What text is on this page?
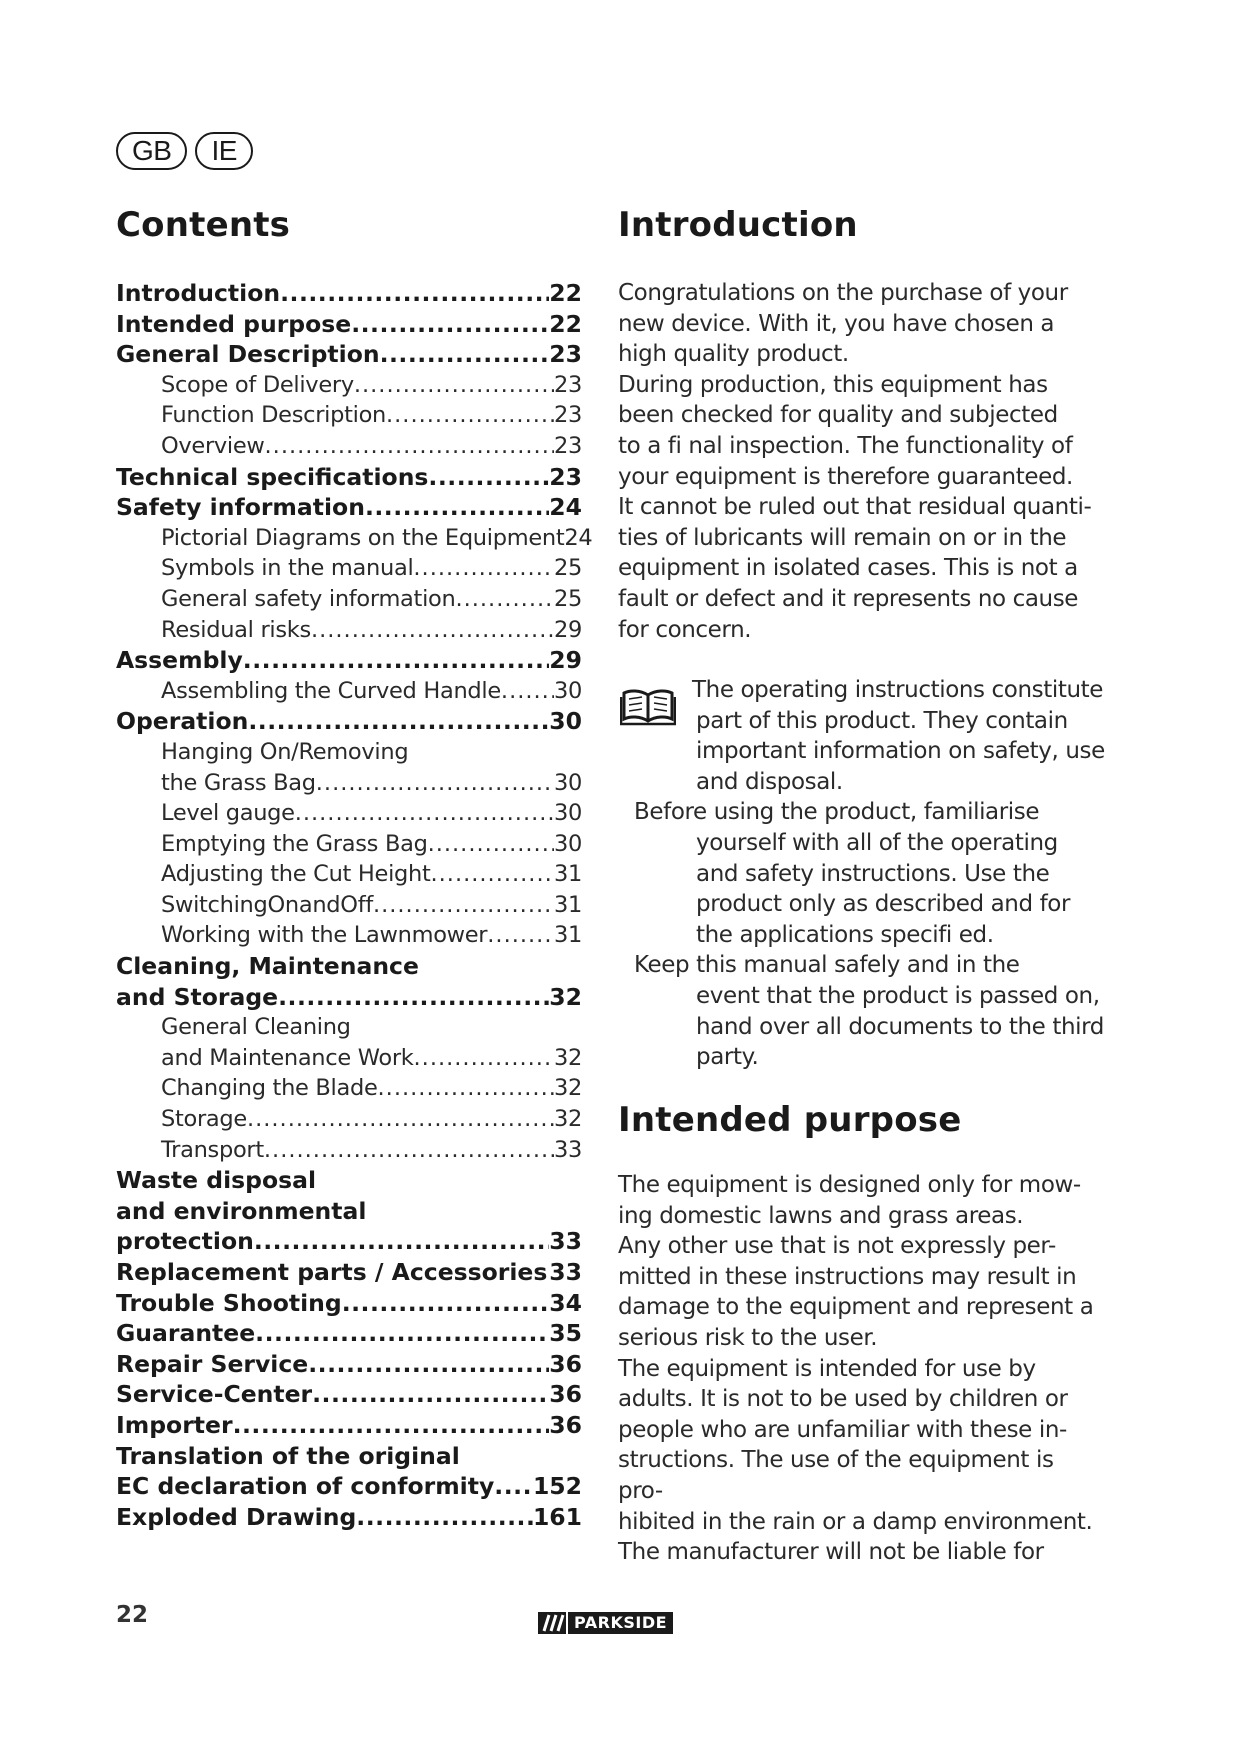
GB	IE
Contents
Introduction .....	22
Intended purpose .....	22
General Description .....	23
Scope of Delivery .....	23
Function Description .....	23
Overview .....	23
Technical specifications .....	23
Safety information .....	24
Pictorial Diagrams on the Equipment 24
Symbols in the manual .....	25
General safety information .....	25
Residual risks .....	29
Assembly .....	29
Assembling the Curved Handle ..... 30
Operation .....	30
Hanging On/Removing
the Grass Bag .....	30
Level gauge .....	30
Emptying the Grass Bag .....	30
Adjusting the Cut Height .....	31
SwitchingOnandOff .....	31
Working with the Lawnmower .....	31
Cleaning, Maintenance
and Storage .....	32
General Cleaning
and Maintenance Work .....	32
Changing the Blade .....	32
Storage .....	32
Transport .....	33
Waste disposal
and environmental
protection .....	33
Replacement parts / Accessories ..... 33
Trouble Shooting .....	34
Guarantee .....	35
Repair Service .....	36
Service-Center .....	36
Importer .....	36
Translation of the original
EC declaration of conformity ..... 152
Exploded Drawing .....	161
Introduction

Congratulations on the purchase of your

new device. With it, you have chosen a

high quality product.

During production, this equipment has

been checked for quality and subjected

to a fi nal inspection. The functionality of

your equipment is therefore guaranteed.

It cannot be ruled out that residual quanti-

ties of lubricants will remain on or in the

equipment in isolated cases. This is not a

fault or defect and it represents no cause

for concern.

The operating instructions constitute

part of this product. They contain

important information on safety, use

and disposal.

Before using the product, familiarise

yourself with all of the operating

and safety instructions. Use the

product only as described and for

the applications specifi ed.

Keep this manual safely and in the

event that the product is passed on,

hand over all documents to the third

party.

Intended purpose

The equipment is designed only for mow-

ing domestic lawns and grass areas.

Any other use that is not expressly per-

mitted in these instructions may result in

damage to the equipment and represent a

serious risk to the user.

The equipment is intended for use by

adults. It is not to be used by children or

people who are unfamiliar with these in-

structions. The use of the equipment is pro-

hibited in the rain or a damp environment.

The manufacturer will not be liable for

22	PARKSIDE
